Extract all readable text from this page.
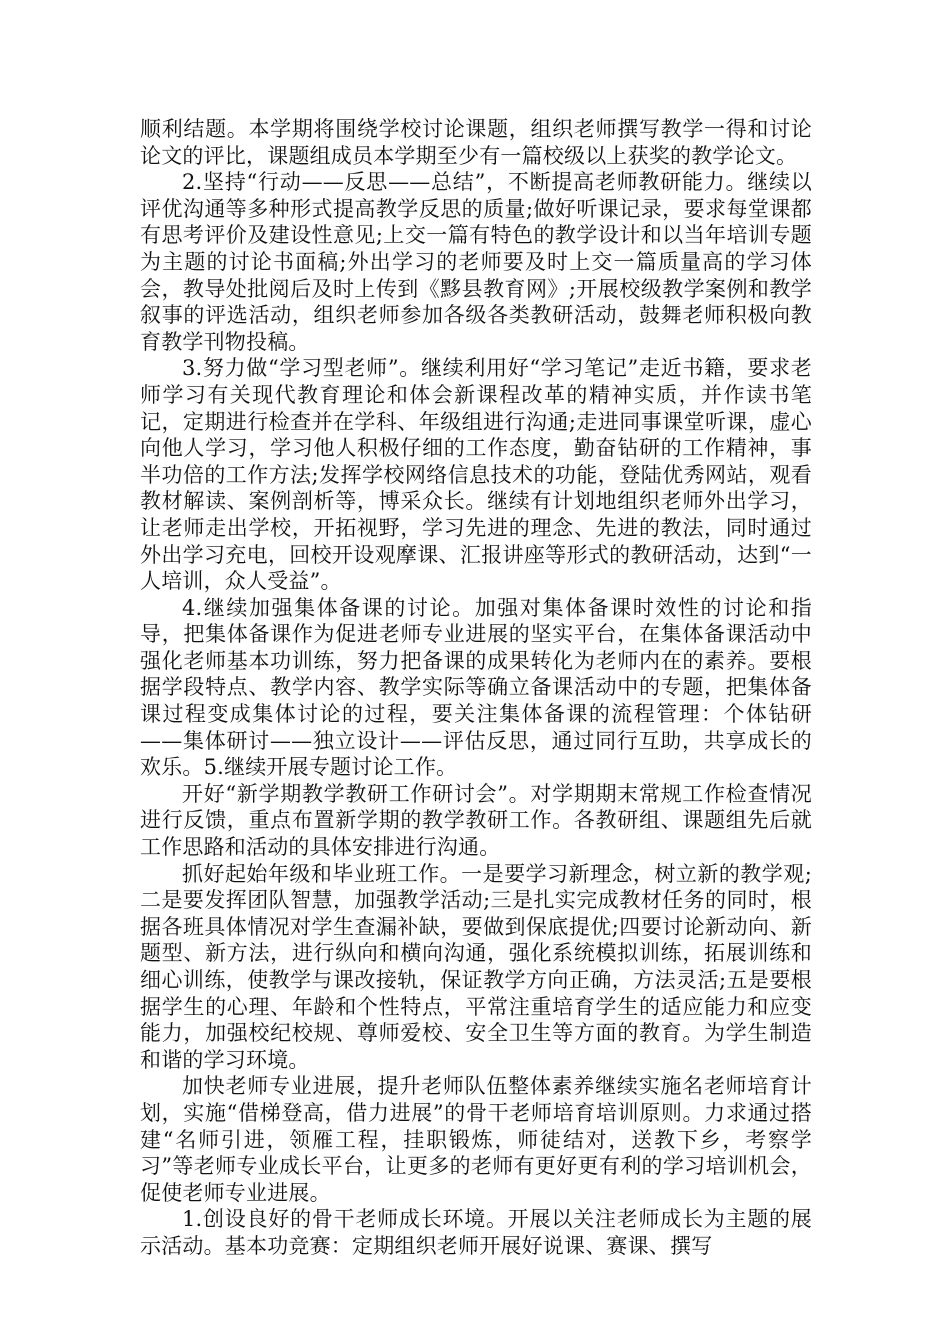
顺利结题。本学期将围绕学校讨论课题，组织老师撰写教学一得和讨论论文的评比，课题组成员本学期至少有一篇校级以上获奖的教学论文。

2.坚持“行动——反思——总结”，不断提高老师教研能力。继续以评优沟通等多种形式提高教学反思的质量;做好听课记录，要求每堂课都有思考评价及建设性意见;上交一篇有特色的教学设计和以当年培训专题为主题的讨论书面稿;外出学习的老师要及时上交一篇质量高的学习体会，教导处批阅后及时上传到《黟县教育网》;开展校级教学案例和教学叙事的评选活动，组织老师参加各级各类教研活动，鼓舞老师积极向教育教学刊物投稿。

3.努力做“学习型老师”。继续利用好“学习笔记”走近书籍，要求老师学习有关现代教育理论和体会新课程改革的精神实质，并作读书笔记，定期进行检查并在学科、年级组进行沟通;走进同事课堂听课，虚心向他人学习，学习他人积极仔细的工作态度，勤奋钻研的工作精神，事半功倍的工作方法;发挥学校网络信息技术的功能，登陆优秀网站，观看教材解读、案例剖析等，博采众长。继续有计划地组织老师外出学习，让老师走出学校，开拓视野，学习先进的理念、先进的教法，同时通过外出学习充电，回校开设观摩课、汇报讲座等形式的教研活动，达到“一人培训，众人受益”。

4.继续加强集体备课的讨论。加强对集体备课时效性的讨论和指导，把集体备课作为促进老师专业进展的坚实平台，在集体备课活动中强化老师基本功训练，努力把备课的成果转化为老师内在的素养。要根据学段特点、教学内容、教学实际等确立备课活动中的专题，把集体备课过程变成集体讨论的过程，要关注集体备课的流程管理：个体钻研——集体研讨——独立设计——评估反思，通过同行互助，共享成长的欢乐。5.继续开展专题讨论工作。

开好“新学期教学教研工作研讨会”。对学期期末常规工作检查情况进行反馈，重点布置新学期的教学教研工作。各教研组、课题组先后就工作思路和活动的具体安排进行沟通。

抓好起始年级和毕业班工作。一是要学习新理念，树立新的教学观;二是要发挥团队智慧，加强教学活动;三是扎实完成教材任务的同时，根据各班具体情况对学生查漏补缺，要做到保底提优;四要讨论新动向、新题型、新方法，进行纵向和横向沟通，强化系统模拟训练，拓展训练和细心训练，使教学与课改接轨，保证教学方向正确，方法灵活;五是要根据学生的心理、年龄和个性特点，平常注重培育学生的适应能力和应变能力，加强校纪校规、尊师爱校、安全卫生等方面的教育。为学生制造和谐的学习环境。

加快老师专业进展，提升老师队伍整体素养继续实施名老师培育计划，实施“借梯登高，借力进展”的骨干老师培育培训原则。力求通过搭建“名师引进，领雁工程，挂职锻炼，师徒结对，送教下乡，考察学习”等老师专业成长平台，让更多的老师有更好更有利的学习培训机会，促使老师专业进展。

1.创设良好的骨干老师成长环境。开展以关注老师成长为主题的展示活动。基本功竞赛：定期组织老师开展好说课、赛课、撰写
